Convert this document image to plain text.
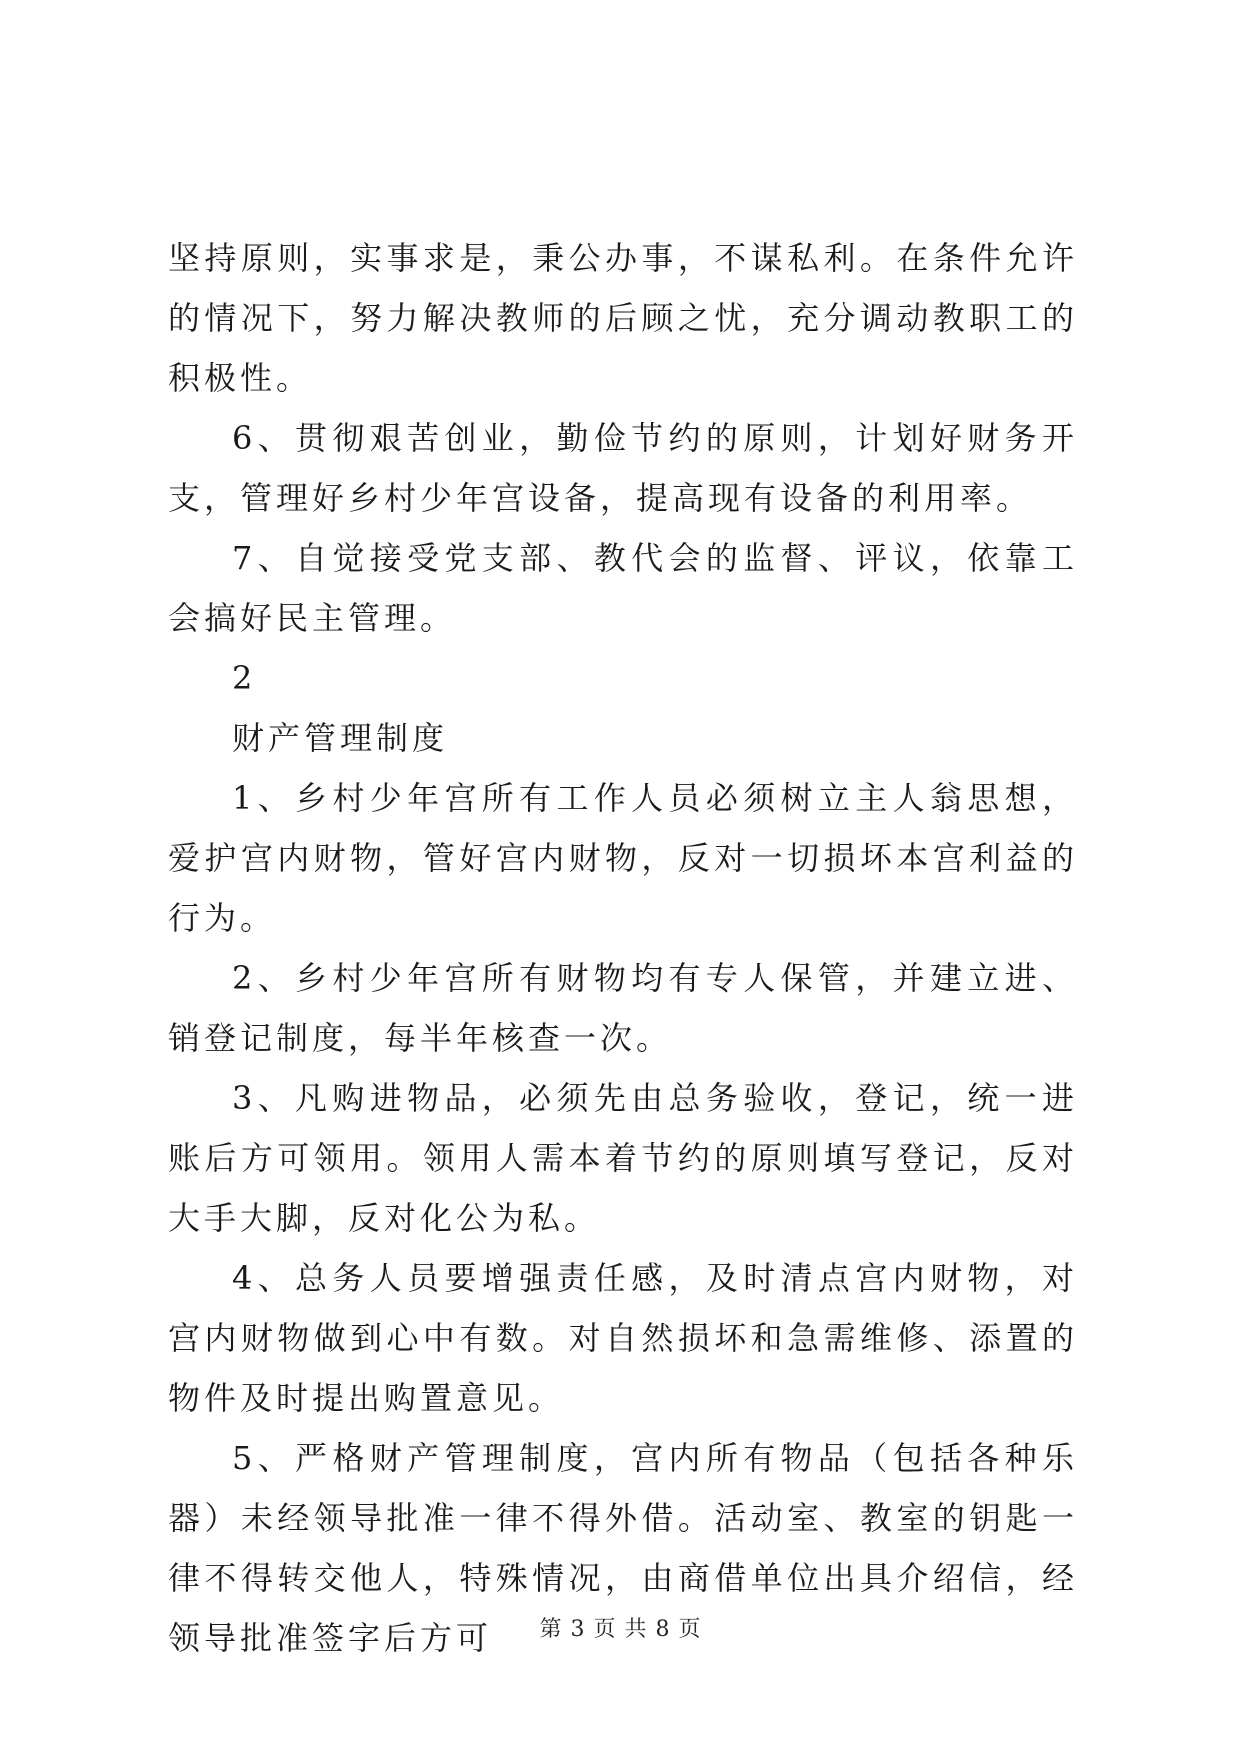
坚持原则，实事求是，秉公办事，不谋私利。在条件允许的情况下，努力解决教师的后顾之忧，充分调动教职工的积极性。

6、贯彻艰苦创业，勤俭节约的原则，计划好财务开支，管理好乡村少年宫设备，提高现有设备的利用率。

7、自觉接受党支部、教代会的监督、评议，依靠工会搞好民主管理。

2

财产管理制度

1、乡村少年宫所有工作人员必须树立主人翁思想，爱护宫内财物，管好宫内财物，反对一切损坏本宫利益的行为。

2、乡村少年宫所有财物均有专人保管，并建立进、销登记制度，每半年核查一次。

3、凡购进物品，必须先由总务验收，登记，统一进账后方可领用。领用人需本着节约的原则填写登记，反对大手大脚，反对化公为私。

4、总务人员要增强责任感，及时清点宫内财物，对宫内财物做到心中有数。对自然损坏和急需维修、添置的物件及时提出购置意见。

5、严格财产管理制度，宫内所有物品（包括各种乐器）未经领导批准一律不得外借。活动室、教室的钥匙一律不得转交他人，特殊情况，由商借单位出具介绍信，经领导批准签字后方可	第 3 页 共 8 页
